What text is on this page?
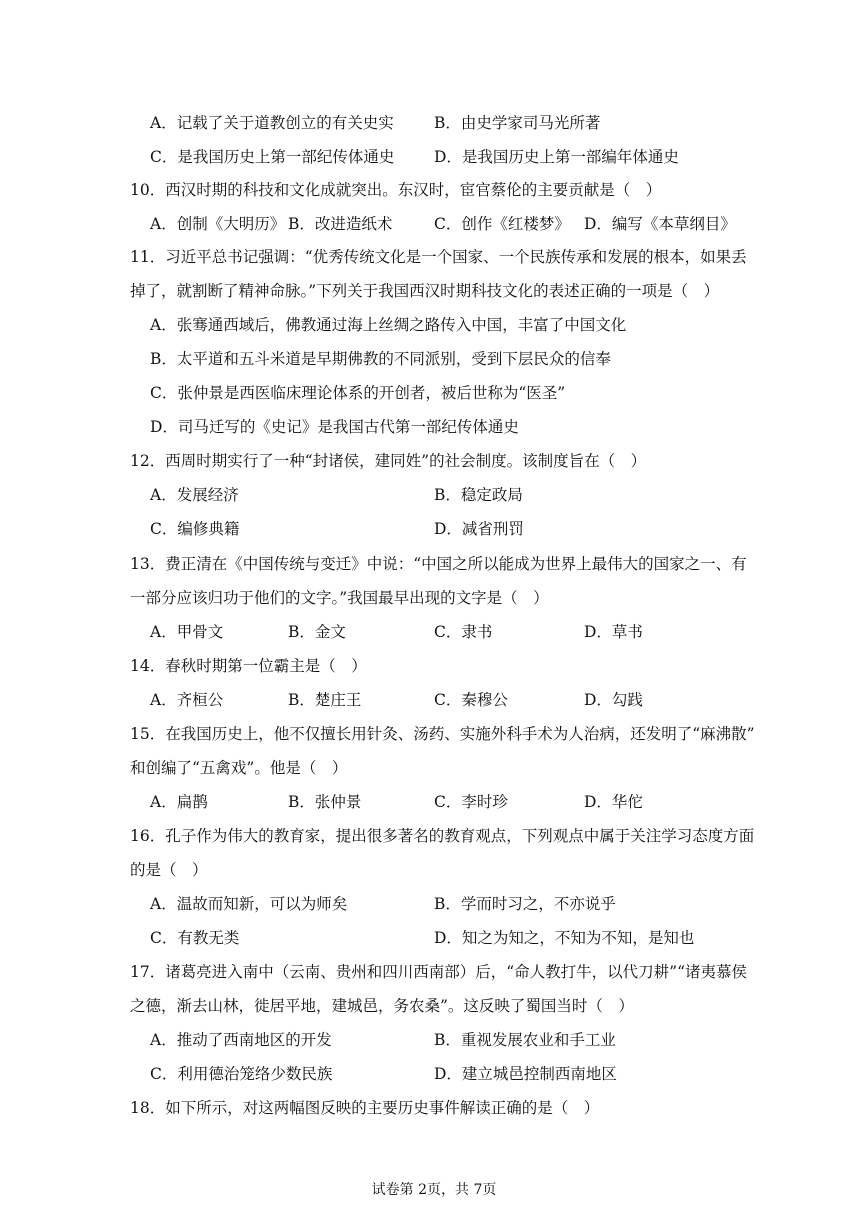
A．记载了关于道教创立的有关史实	B．由史学家司马光所著
C．是我国历史上第一部纪传体通史	D．是我国历史上第一部编年体通史
10．西汉时期的科技和文化成就突出。东汉时，宦官蔡伦的主要贡献是（　）
A．创制《大明历》 B．改进造纸术	C．创作《红楼梦》 D．编写《本草纲目》
11．习近平总书记强调：“优秀传统文化是一个国家、一个民族传承和发展的根本，如果丢
掉了，就割断了精神命脉。”下列关于我国西汉时期科技文化的表述正确的一项是（　）
A．张骞通西域后，佛教通过海上丝绸之路传入中国，丰富了中国文化
B．太平道和五斗米道是早期佛教的不同派别，受到下层民众的信奉
C．张仲景是西医临床理论体系的开创者，被后世称为“医圣”
D．司马迁写的《史记》是我国古代第一部纪传体通史
12．西周时期实行了一种“封诸侯，建同姓”的社会制度。该制度旨在（　）
A．发展经济	B．稳定政局
C．编修典籍	D．减省刑罚
13．费正清在《中国传统与变迁》中说：“中国之所以能成为世界上最伟大的国家之一、有
一部分应该归功于他们的文字。”我国最早出现的文字是（　）
A．甲骨文	B．金文	C．隶书	D．草书
14．春秋时期第一位霸主是（　）
A．齐桓公	B．楚庄王	C．秦穆公	D．勾践
15．在我国历史上，他不仅擅长用针灸、汤药、实施外科手术为人治病，还发明了“麻沸散”
和创编了“五禽戏”。他是（　）
A．扁鹊	B．张仲景	C．李时珍	D．华佗
16．孔子作为伟大的教育家，提出很多著名的教育观点，下列观点中属于关注学习态度方面
的是（　）
A．温故而知新，可以为师矣	B．学而时习之，不亦说乎
C．有教无类	D．知之为知之，不知为不知，是知也
17．诸葛亮进入南中（云南、贵州和四川西南部）后，“命人教打牛，以代刀耕”“诸夷慕侯
之德，渐去山林，徙居平地，建城邑，务农桑”。这反映了蜀国当时（　）
A．推动了西南地区的开发	B．重视发展农业和手工业
C．利用德治笼络少数民族	D．建立城邑控制西南地区
18．如下所示，对这两幅图反映的主要历史事件解读正确的是（　）
试卷第 2页，共 7页
